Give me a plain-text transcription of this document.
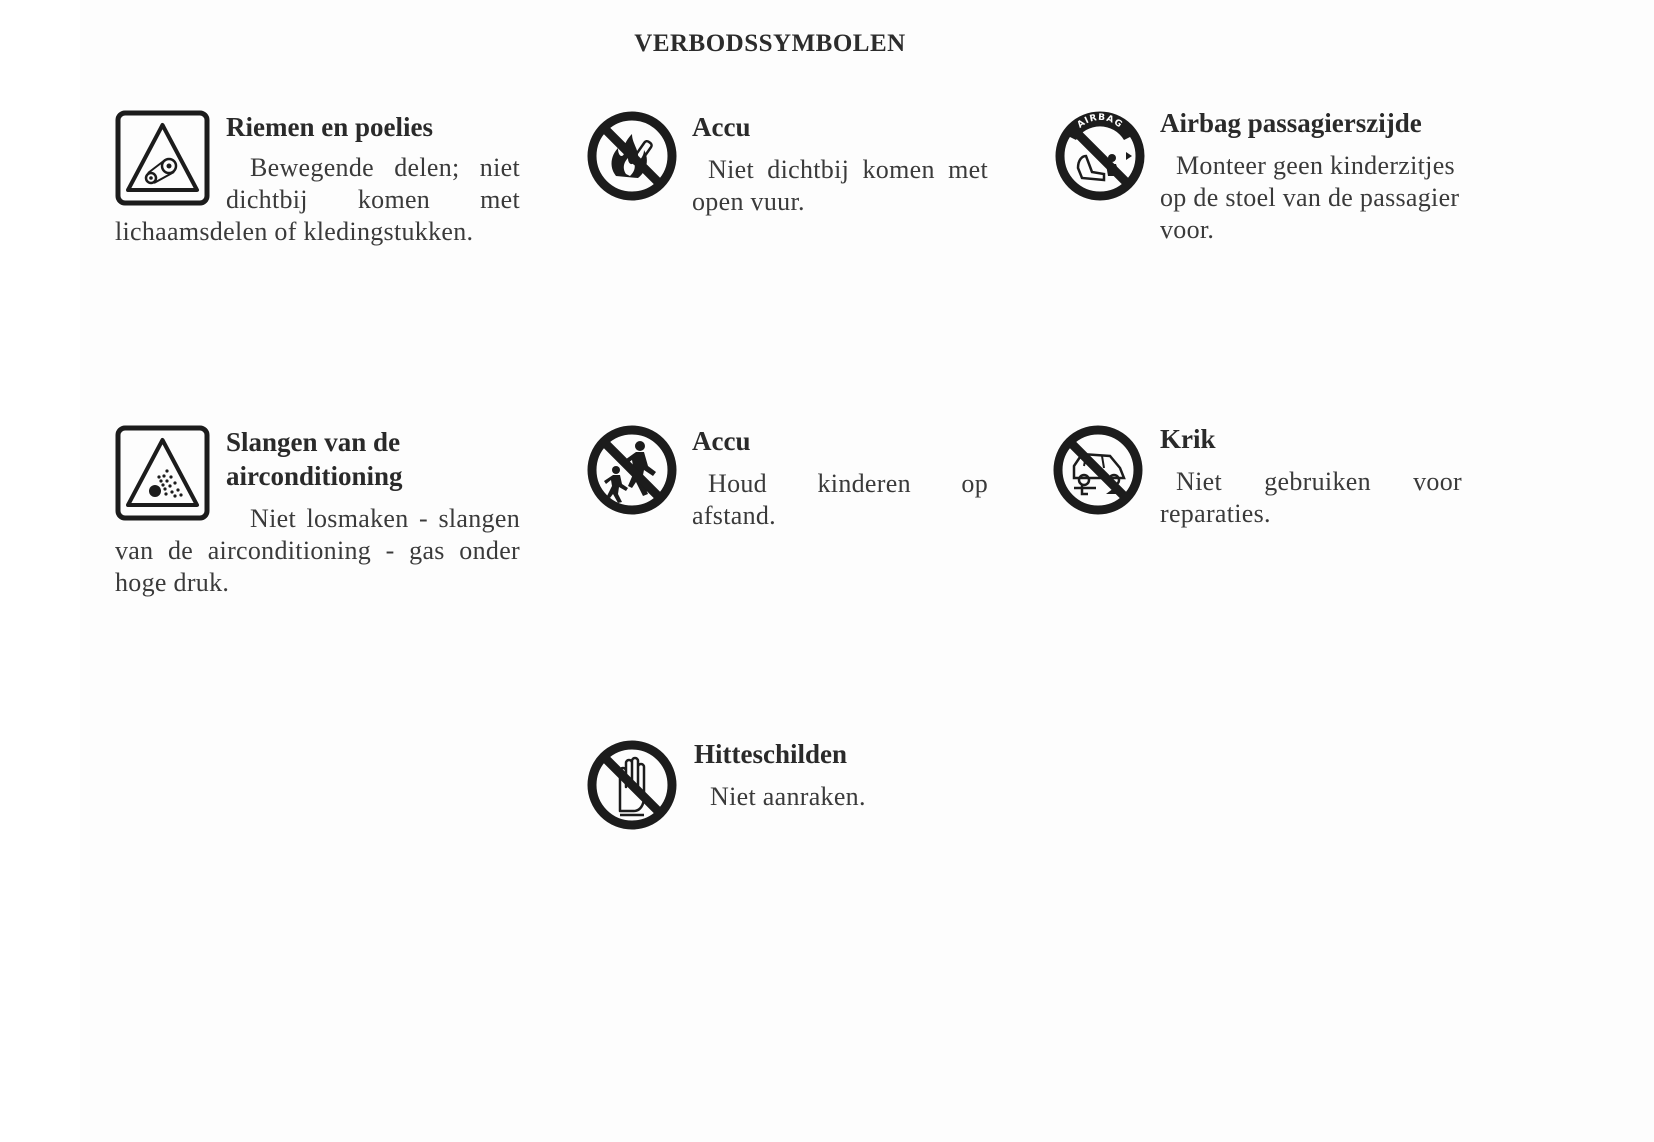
VERBODSSYMBOLEN
Riemen en poelies
Bewegende delen; niet dichtbij komen met lichaamsdelen of kledingstukken.
Accu
Niet dichtbij komen met open vuur.
AIRBAG Airbag passagierszijde
Monteer geen kinderzitjes op de stoel van de passagier voor.
Slangen van de airconditioning
Niet losmaken - slangen van de airconditioning - gas onder hoge druk.
Accu
Houd kinderen op afstand.
Krik
Niet gebruiken voor reparaties.
Hitteschilden
Niet aanraken.
